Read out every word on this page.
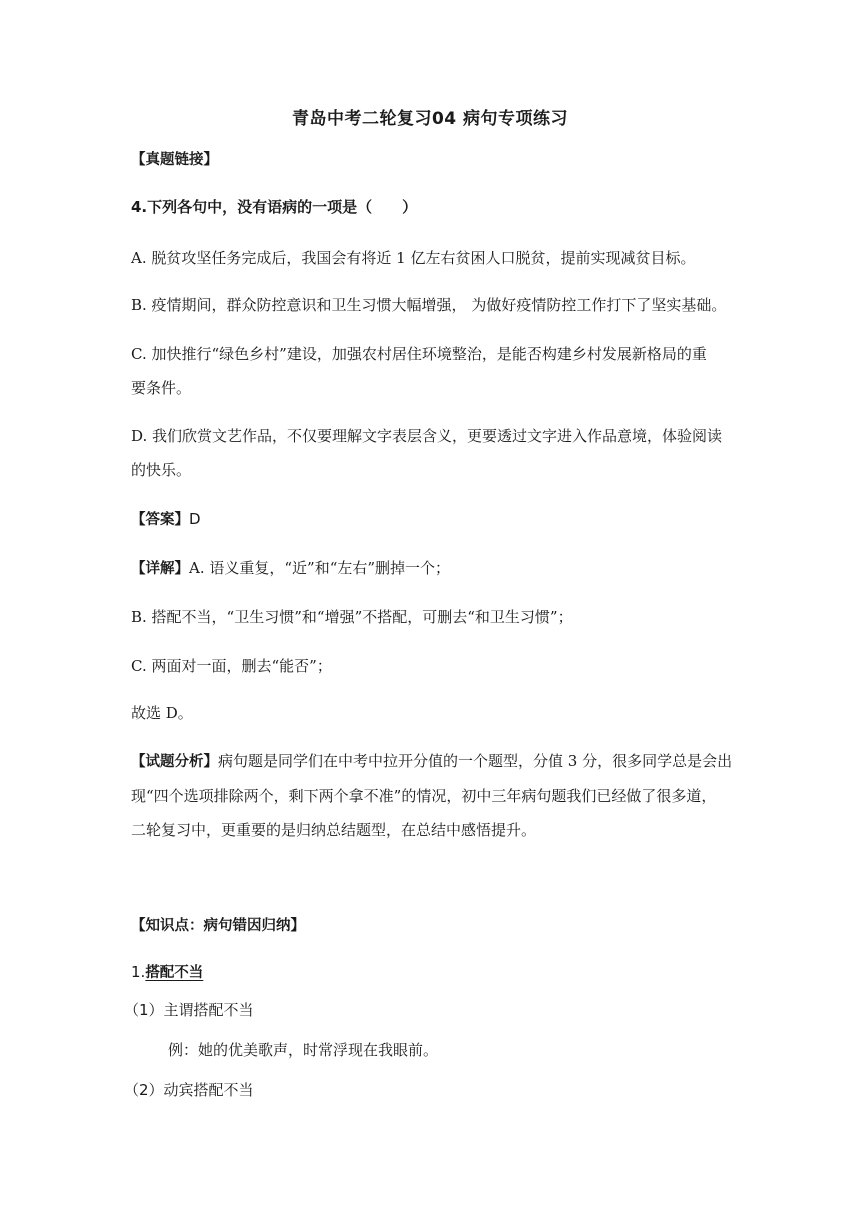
青岛中考二轮复习04 病句专项练习
【真题链接】
4.下列各句中，没有语病的一项是（　　）
A. 脱贫攻坚任务完成后，我国会有将近 1 亿左右贫困人口脱贫，提前实现减贫目标。
B. 疫情期间，群众防控意识和卫生习惯大幅增强， 为做好疫情防控工作打下了坚实基础。
C. 加快推行“绿色乡村”建设，加强农村居住环境整治，是能否构建乡村发展新格局的重
要条件。
D. 我们欣赏文艺作品，不仅要理解文字表层含义，更要透过文字进入作品意境，体验阅读
的快乐。
【答案】D
【详解】A. 语义重复，“近”和“左右”删掉一个；
B. 搭配不当，“卫生习惯”和“增强”不搭配，可删去“和卫生习惯”；
C. 两面对一面，删去“能否”；
故选 D。
【试题分析】病句题是同学们在中考中拉开分值的一个题型，分值 3 分，很多同学总是会出
现“四个选项排除两个，剩下两个拿不准”的情况，初中三年病句题我们已经做了很多道，
二轮复习中，更重要的是归纳总结题型，在总结中感悟提升。
【知识点：病句错因归纳】
1.搭配不当
（1）主谓搭配不当
例：她的优美歌声，时常浮现在我眼前。
（2）动宾搭配不当
